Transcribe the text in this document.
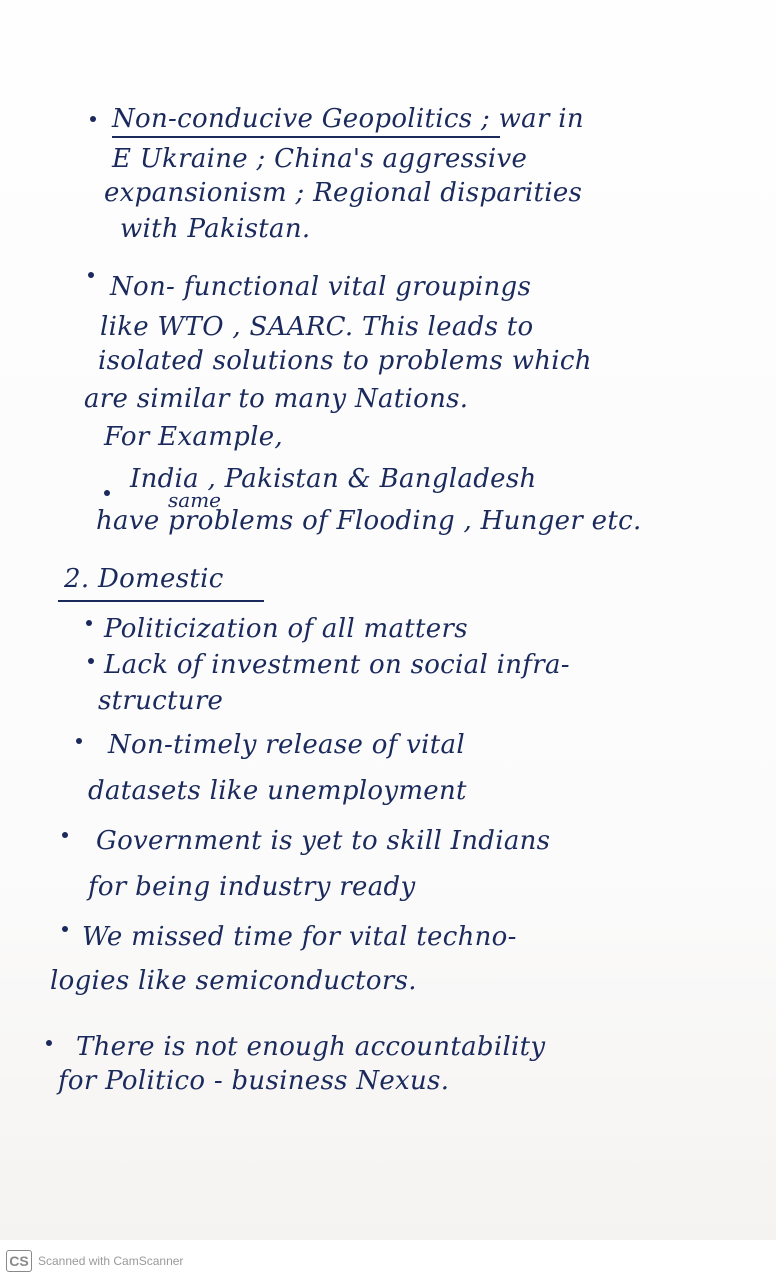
Non-conducive Geopolitics ; war in
E Ukraine ; China's aggressive
expansionism ; Regional disparities
with Pakistan.
Non- functional vital groupings
like WTO , SAARC. This leads to
isolated solutions to problems which
are similar to many Nations.
For Example,
India , Pakistan & Bangladesh
same
have problems of Flooding , Hunger etc.
2. Domestic
Politicization of all matters
Lack of investment on social infra-
structure
Non-timely release of vital
datasets like unemployment
Government is yet to skill Indians
for being industry ready
We missed time for vital techno-
logies like semiconductors.
There is not enough accountability
for Politico - business Nexus.
CS Scanned with CamScanner
